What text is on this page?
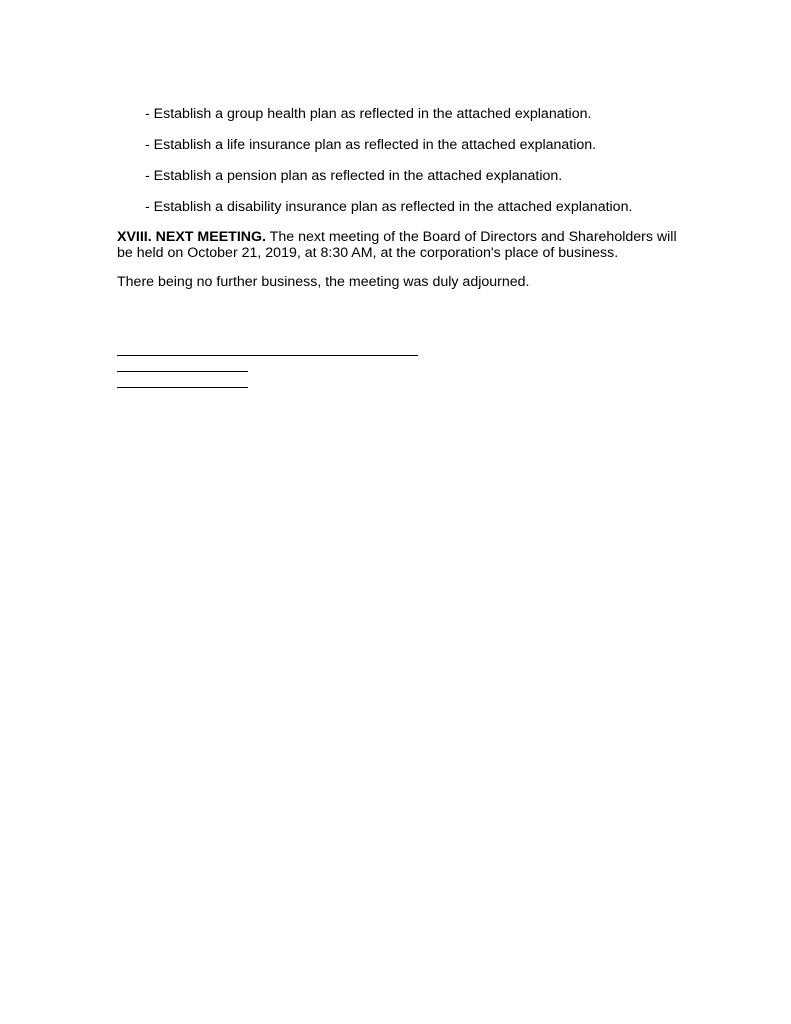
- Establish a group health plan as reflected in the attached explanation.
- Establish a life insurance plan as reflected in the attached explanation.
- Establish a pension plan as reflected in the attached explanation.
- Establish a disability insurance plan as reflected in the attached explanation.

XVIII. NEXT MEETING. The next meeting of the Board of Directors and Shareholders will be held on October 21, 2019, at 8:30 AM, at the corporation's place of business.

There being no further business, the meeting was duly adjourned.
